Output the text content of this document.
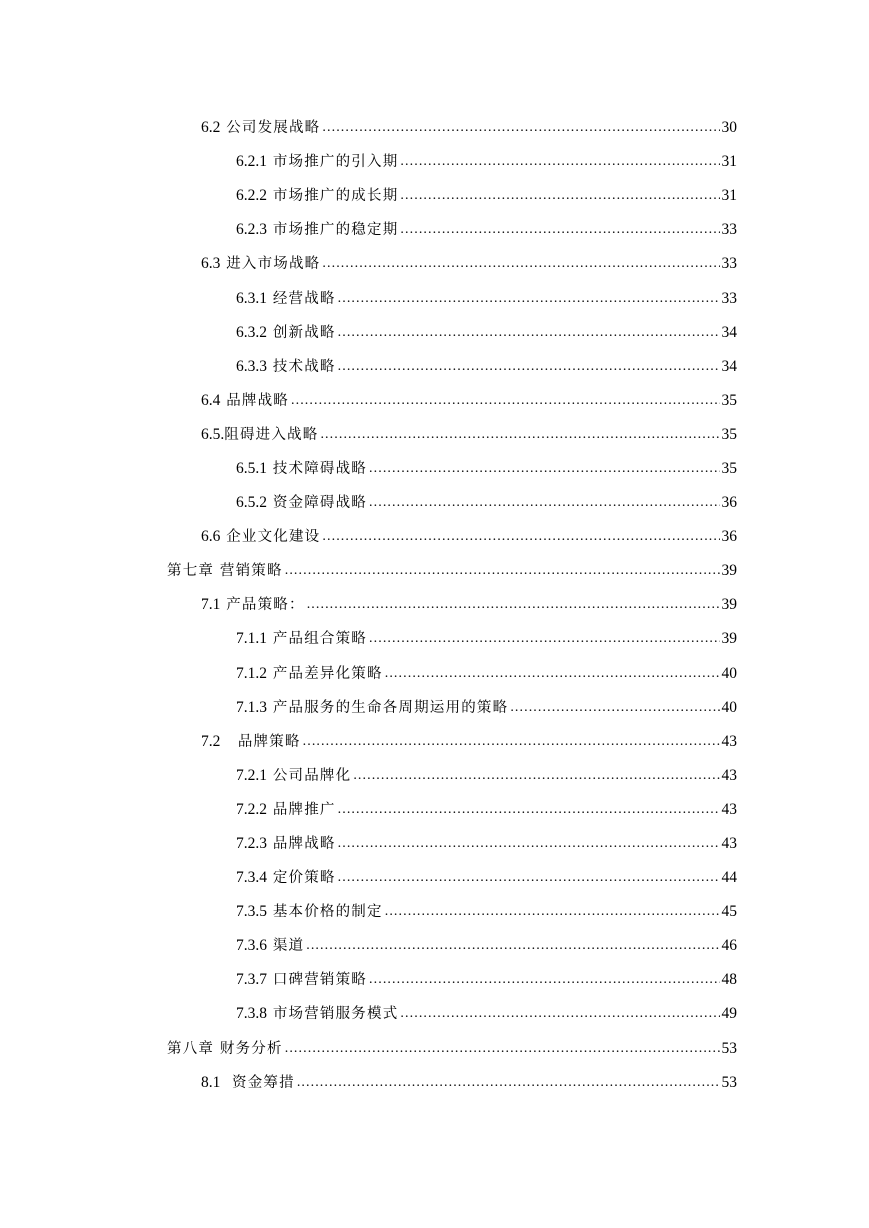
6.2 公司发展战略 .....	30
6.2.1 市场推广的引入期 .....	31
6.2.2 市场推广的成长期 .....	31
6.2.3 市场推广的稳定期 .....	33
6.3 进入市场战略 .....	33
6.3.1 经营战略 .....	33
6.3.2 创新战略 .....	34
6.3.3 技术战略 .....	34
6.4 品牌战略 .....	35
6.5.阻碍进入战略 .....	35
6.5.1 技术障碍战略 .....	35
6.5.2 资金障碍战略 .....	36
6.6 企业文化建设 .....	36
第七章 营销策略 .....	39
7.1 产品策略： .....	39
7.1.1 产品组合策略 .....	39
7.1.2 产品差异化策略 .....	40
7.1.3 产品服务的生命各周期运用的策略 .....	40
7.2 品牌策略 .....	43
7.2.1 公司品牌化 .....	43
7.2.2 品牌推广 .....	43
7.2.3 品牌战略 .....	43
7.3.4 定价策略 .....	44
7.3.5 基本价格的制定 .....	45
7.3.6 渠道 .....	46
7.3.7 口碑营销策略 .....	48
7.3.8 市场营销服务模式 .....	49
第八章 财务分析 .....	53
8.1 资金筹措 .....	53
